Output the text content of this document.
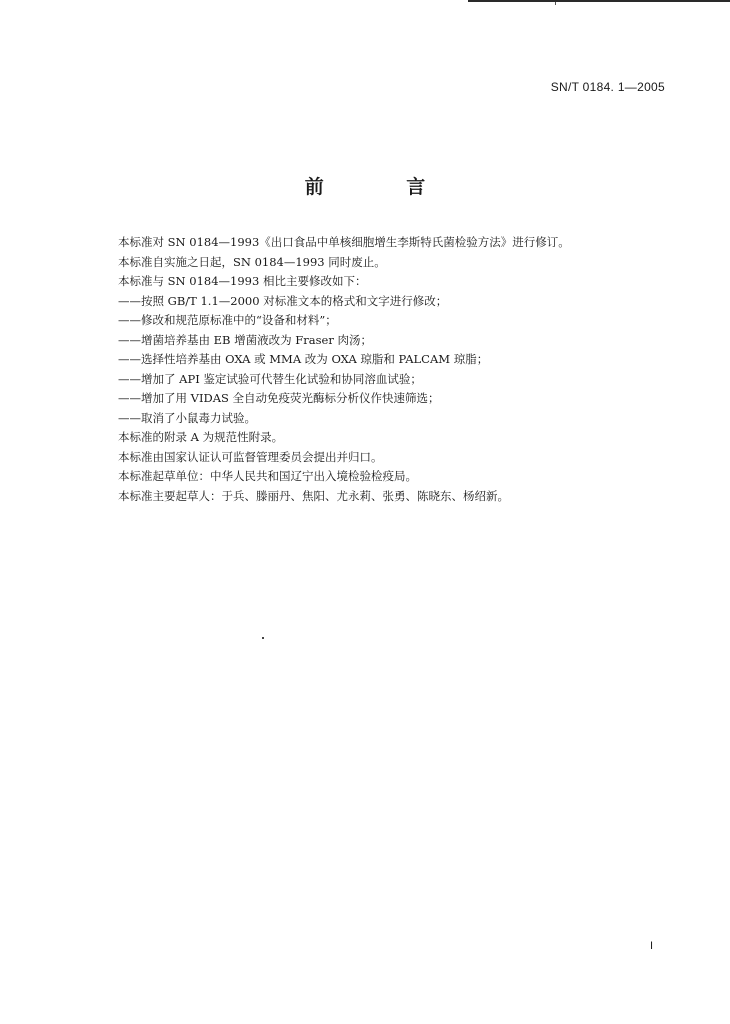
SN/T 0184. 1—2005
前 言
本标准对 SN 0184—1993《出口食品中单核细胞增生李斯特氏菌检验方法》进行修订。
本标准自实施之日起，SN 0184—1993 同时废止。
本标准与 SN 0184—1993 相比主要修改如下：
——按照 GB/T 1.1—2000 对标准文本的格式和文字进行修改；
——修改和规范原标准中的“设备和材料”；
——增菌培养基由 EB 增菌液改为 Fraser 肉汤；
——选择性培养基由 OXA 或 MMA 改为 OXA 琼脂和 PALCAM 琼脂；
——增加了 API 鉴定试验可代替生化试验和协同溶血试验；
——增加了用 VIDAS 全自动免疫荧光酶标分析仪作快速筛选；
——取消了小鼠毒力试验。
本标准的附录 A 为规范性附录。
本标准由国家认证认可监督管理委员会提出并归口。
本标准起草单位：中华人民共和国辽宁出入境检验检疫局。
本标准主要起草人：于兵、滕丽丹、焦阳、尤永莉、张勇、陈晓东、杨绍新。
I
